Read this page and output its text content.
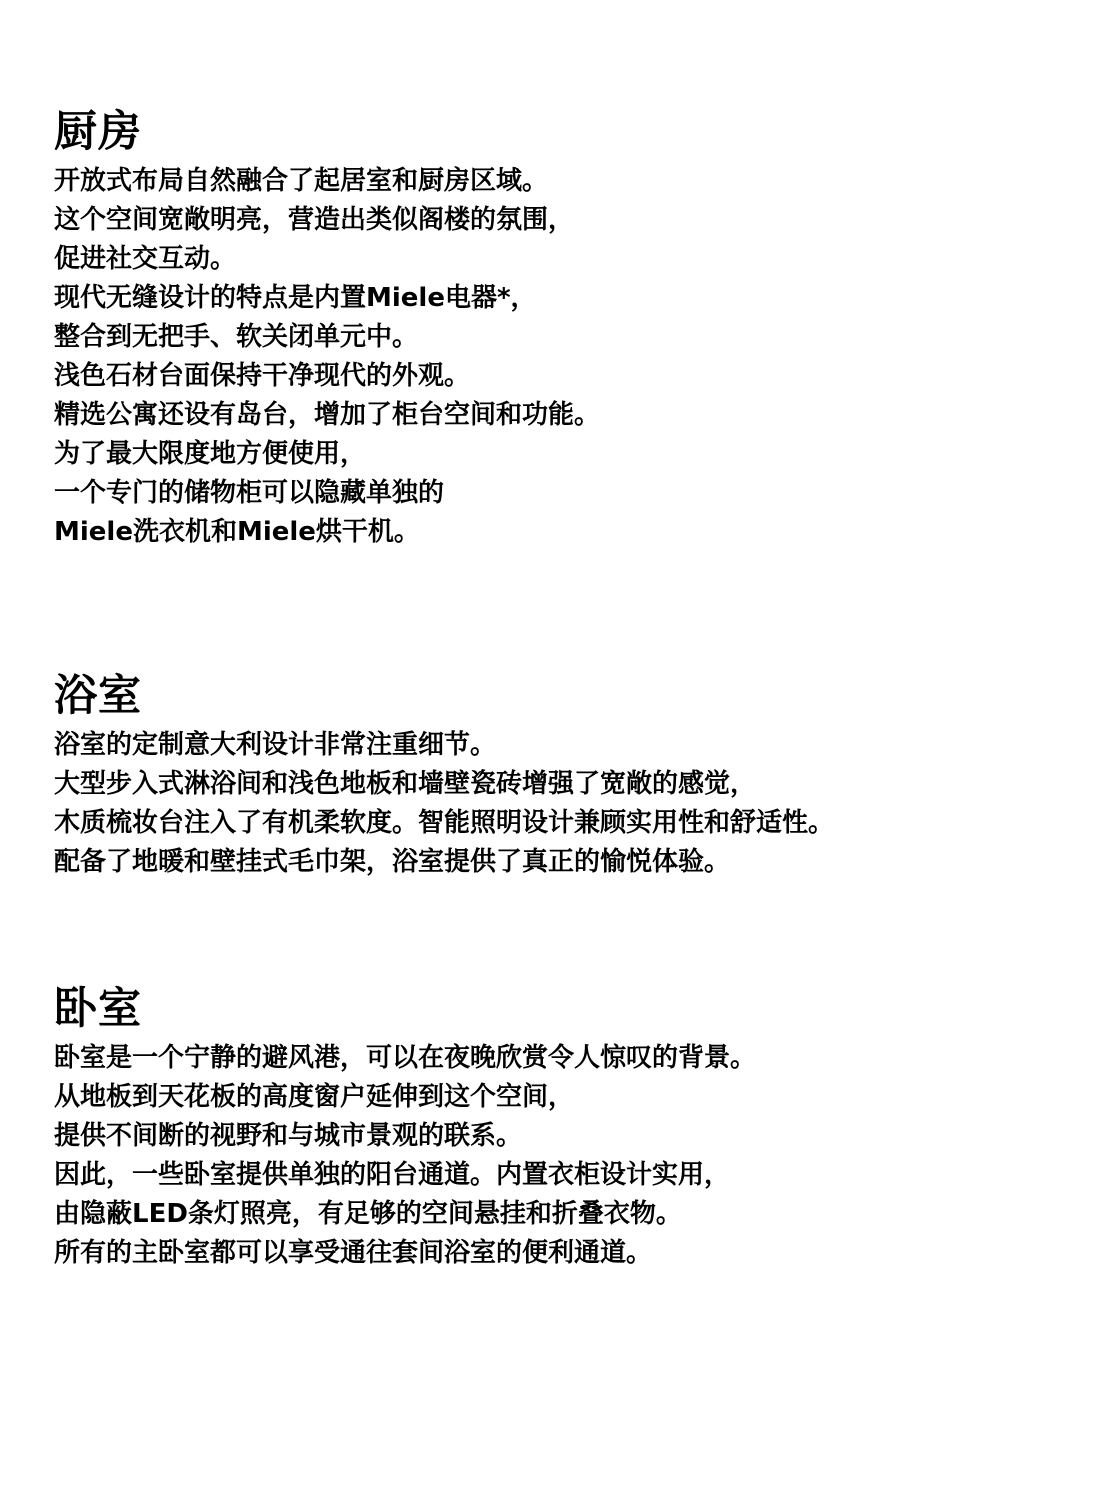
厨房

开放式布局自然融合了起居室和厨房区域。

这个空间宽敞明亮，营造出类似阁楼的氛围，

促进社交互动。

现代无缝设计的特点是内置Miele电器*，

整合到无把手、软关闭单元中。

浅色石材台面保持干净现代的外观。

精选公寓还设有岛台，增加了柜台空间和功能。

为了最大限度地方便使用，

一个专门的储物柜可以隐藏单独的

Miele洗衣机和Miele烘干机。

浴室

浴室的定制意大利设计非常注重细节。

大型步入式淋浴间和浅色地板和墙壁瓷砖增强了宽敞的感觉，

木质梳妆台注入了有机柔软度。智能照明设计兼顾实用性和舒适性。

配备了地暖和壁挂式毛巾架，浴室提供了真正的愉悦体验。

卧室

卧室是一个宁静的避风港，可以在夜晚欣赏令人惊叹的背景。

从地板到天花板的高度窗户延伸到这个空间，

提供不间断的视野和与城市景观的联系。

因此，一些卧室提供单独的阳台通道。内置衣柜设计实用，

由隐蔽LED条灯照亮，有足够的空间悬挂和折叠衣物。

所有的主卧室都可以享受通往套间浴室的便利通道。
